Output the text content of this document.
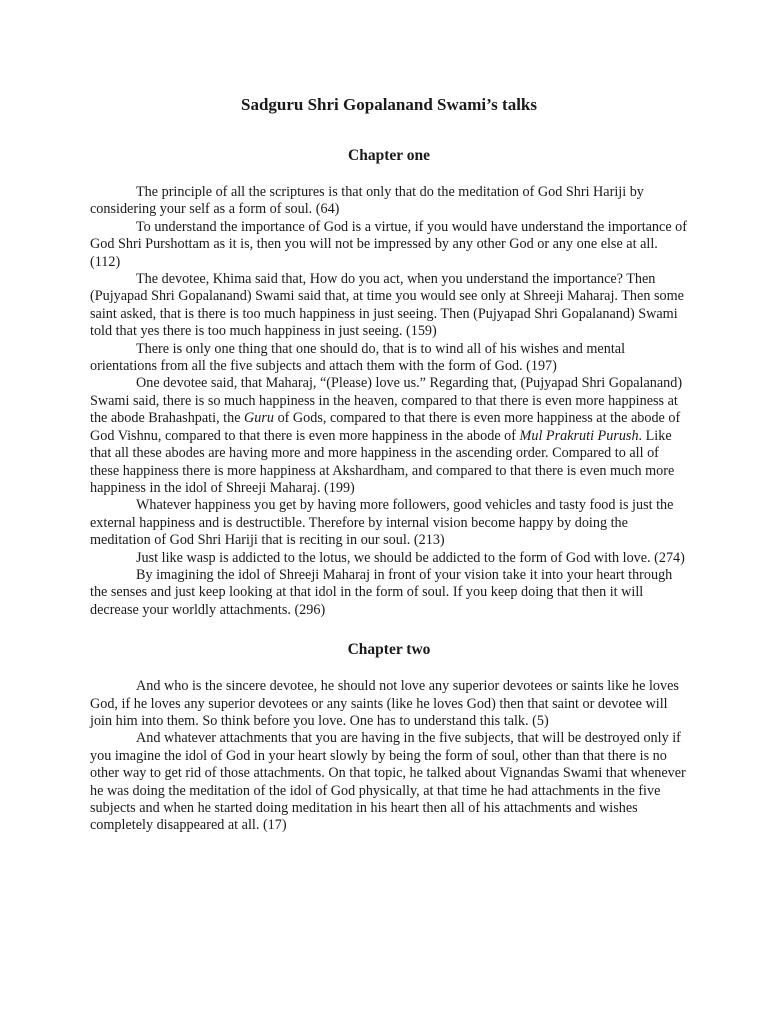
Sadguru Shri Gopalanand Swami’s talks
Chapter one

The principle of all the scriptures is that only that do the meditation of God Shri Hariji by considering your self as a form of soul. (64)

To understand the importance of God is a virtue, if you would have understand the importance of God Shri Purshottam as it is, then you will not be impressed by any other God or any one else at all. (112)

The devotee, Khima said that, How do you act, when you understand the importance? Then (Pujyapad Shri Gopalanand) Swami said that, at time you would see only at Shreeji Maharaj. Then some saint asked, that is there is too much happiness in just seeing. Then (Pujyapad Shri Gopalanand) Swami told that yes there is too much happiness in just seeing. (159)

There is only one thing that one should do, that is to wind all of his wishes and mental orientations from all the five subjects and attach them with the form of God. (197)

One devotee said, that Maharaj, “(Please) love us.” Regarding that, (Pujyapad Shri Gopalanand) Swami said, there is so much happiness in the heaven, compared to that there is even more happiness at the abode Brahashpati, the Guru of Gods, compared to that there is even more happiness at the abode of God Vishnu, compared to that there is even more happiness in the abode of Mul Prakruti Purush. Like that all these abodes are having more and more happiness in the ascending order. Compared to all of these happiness there is more happiness at Akshardham, and compared to that there is even much more happiness in the idol of Shreeji Maharaj. (199)

Whatever happiness you get by having more followers, good vehicles and tasty food is just the external happiness and is destructible. Therefore by internal vision become happy by doing the meditation of God Shri Hariji that is reciting in our soul. (213)

Just like wasp is addicted to the lotus, we should be addicted to the form of God with love. (274)

By imagining the idol of Shreeji Maharaj in front of your vision take it into your heart through the senses and just keep looking at that idol in the form of soul. If you keep doing that then it will decrease your worldly attachments. (296)

Chapter two

And who is the sincere devotee, he should not love any superior devotees or saints like he loves God, if he loves any superior devotees or any saints (like he loves God) then that saint or devotee will join him into them. So think before you love. One has to understand this talk. (5)

And whatever attachments that you are having in the five subjects, that will be destroyed only if you imagine the idol of God in your heart slowly by being the form of soul, other than that there is no other way to get rid of those attachments. On that topic, he talked about Vignandas Swami that whenever he was doing the meditation of the idol of God physically, at that time he had attachments in the five subjects and when he started doing meditation in his heart then all of his attachments and wishes completely disappeared at all. (17)
